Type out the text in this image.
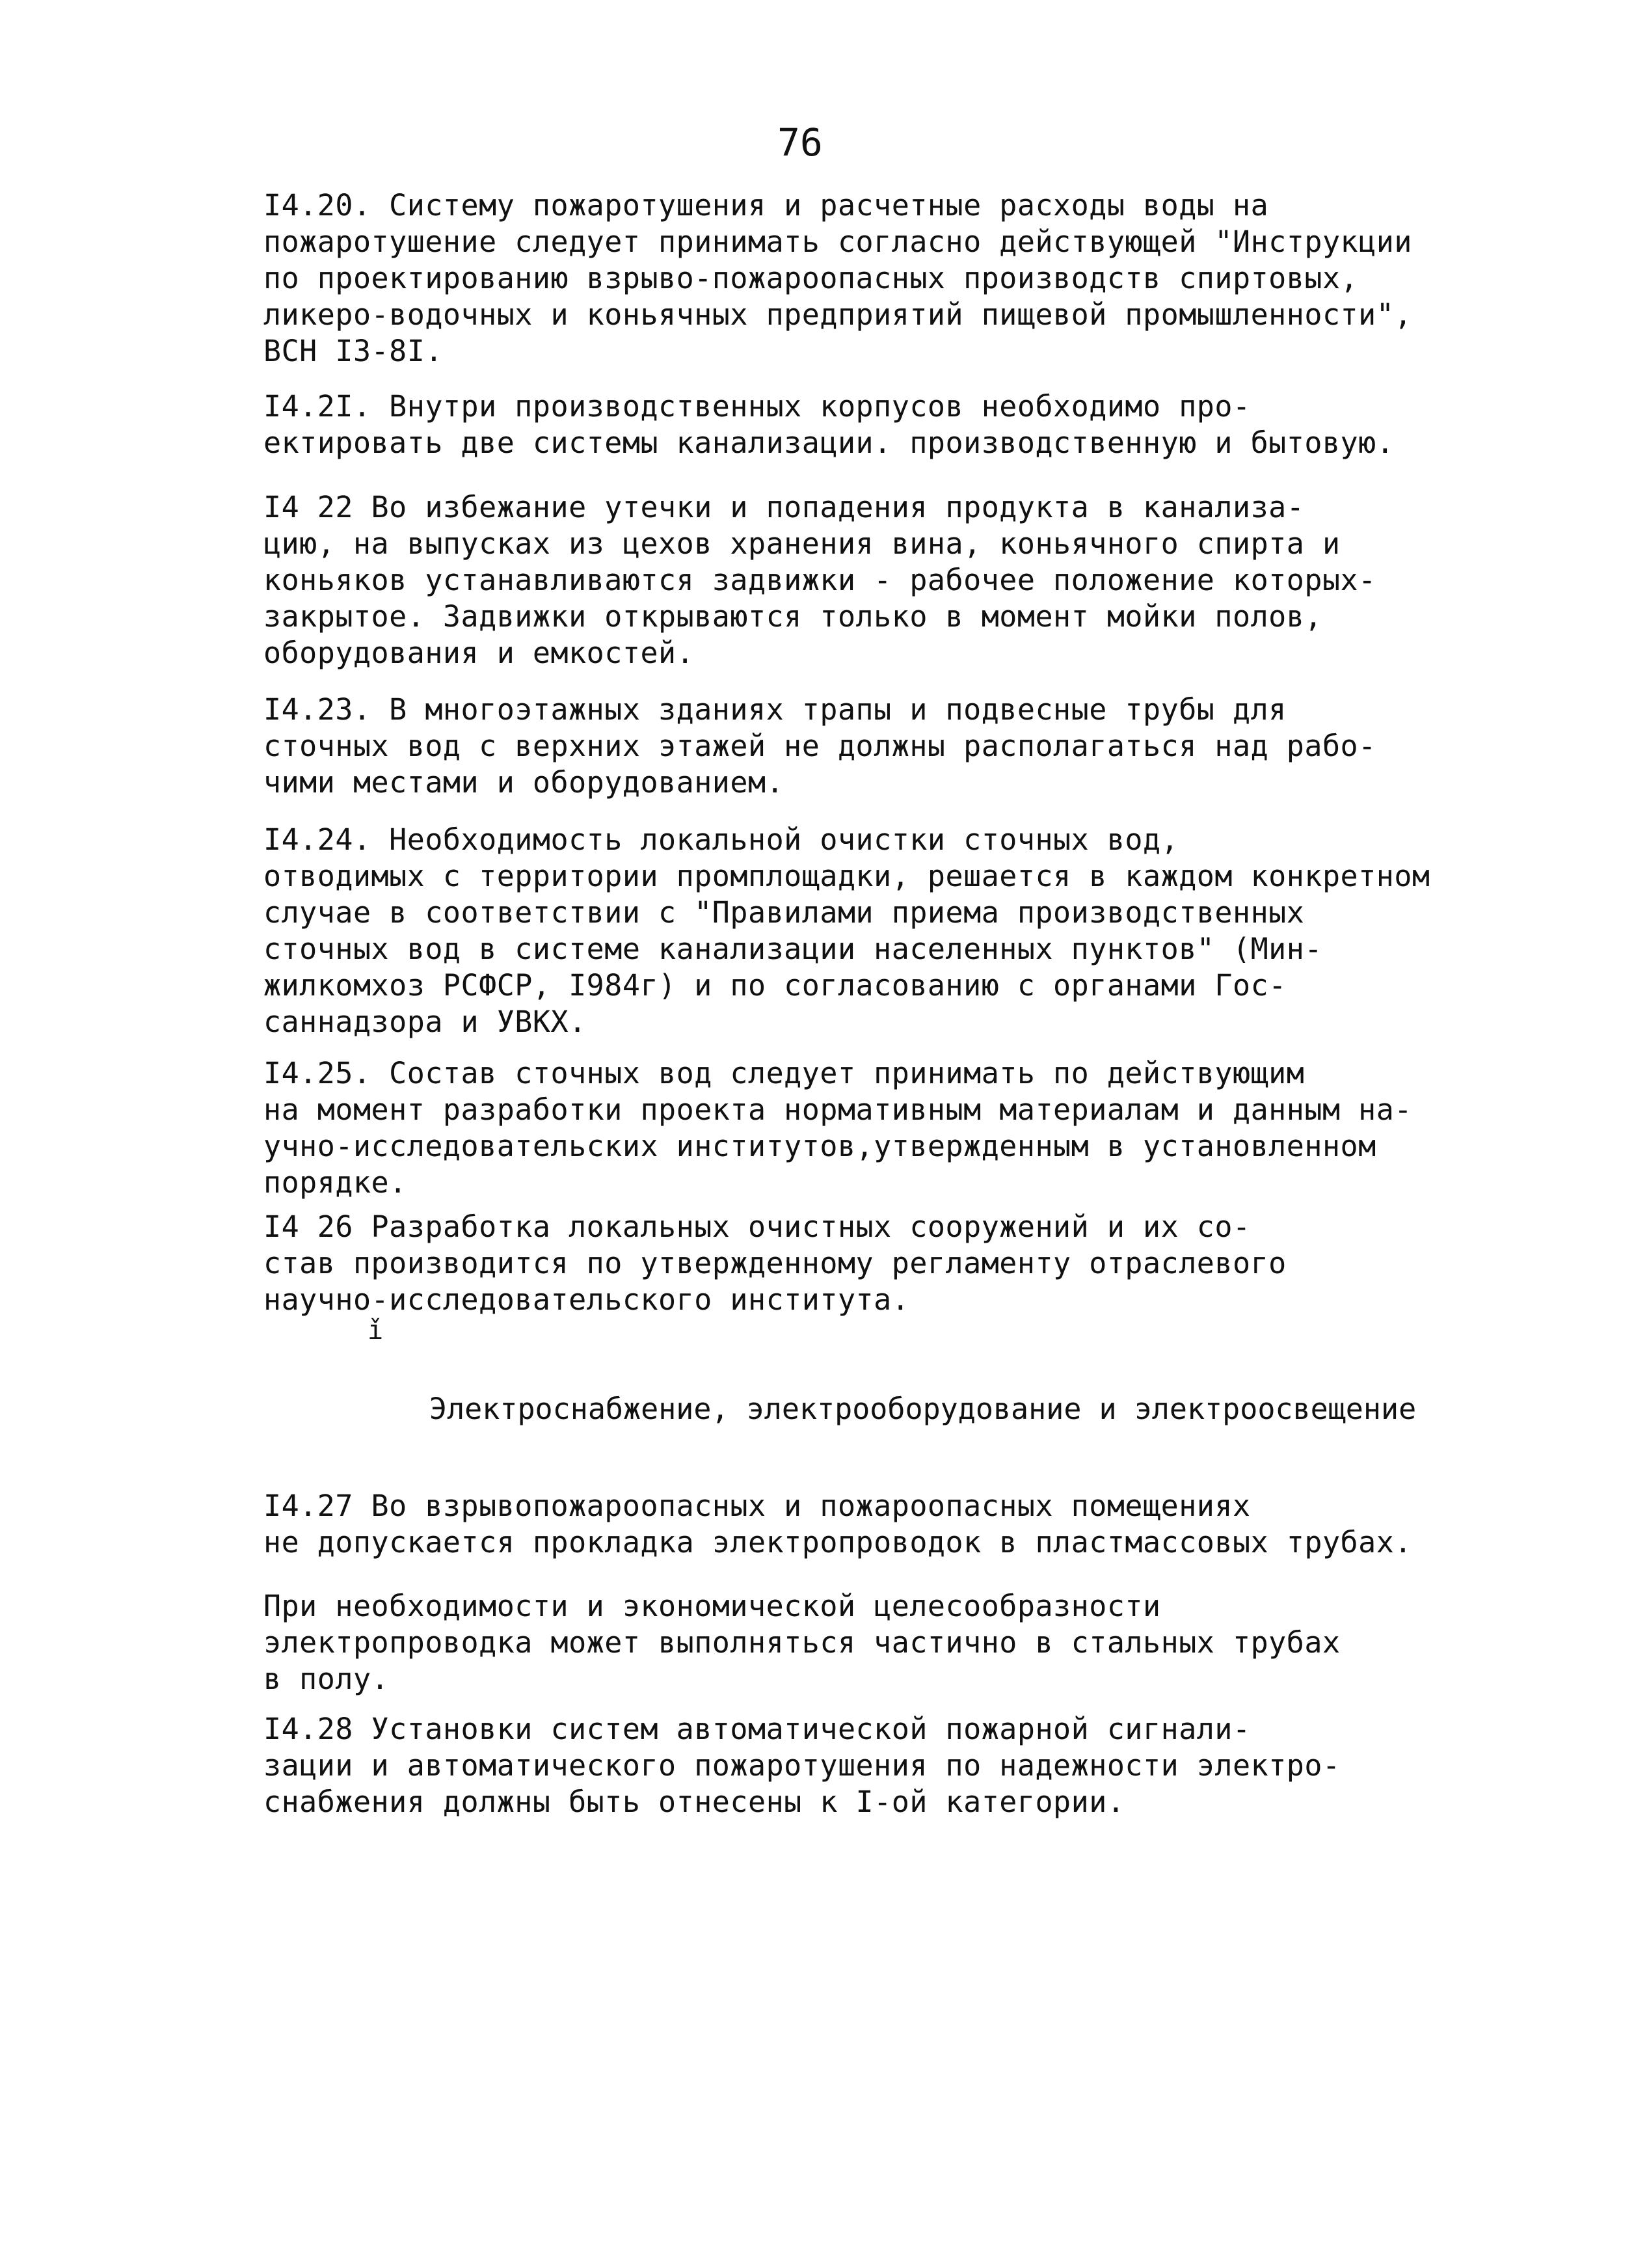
76
І4.20. Систему пожаротушения и расчетные расходы воды на
пожаротушение следует принимать согласно действующей "Инструкции
по проектированию взрыво-пожароопасных производств спиртовых,
ликеро-водочных и коньячных предприятий пищевой промышленности",
ВСН І3-8І.
І4.2І. Внутри производственных корпусов необходимо про-
ектировать две системы канализации. производственную и бытовую.
І4 22 Во избежание утечки и попадения продукта в канализа-
цию, на выпусках из цехов хранения вина, коньячного спирта и
коньяков устанавливаются задвижки - рабочее положение которых-
закрытое. Задвижки открываются только в момент мойки полов,
оборудования и емкостей.
І4.23. В многоэтажных зданиях трапы и подвесные трубы для
сточных вод с верхних этажей не должны располагаться над рабо-
чими местами и оборудованием.
І4.24. Необходимость локальной очистки сточных вод,
отводимых с территории промплощадки, решается в каждом конкретном
случае в соответствии с "Правилами приема производственных
сточных вод в системе канализации населенных пунктов" (Мин-
жилкомхоз РСФСР, І984г) и по согласованию с органами Гос-
саннадзора и УВКХ.
І4.25. Состав сточных вод следует принимать по действующим
на момент разработки проекта нормативным материалам и данным на-
учно-исследовательских институтов,утвержденным в установленном
порядке.
І4 26 Разработка локальных очистных сооружений и их со-
став производится по утвержденному регламенту отраслевого
научно-исследовательского института.
ǐ
Электроснабжение, электрооборудование и электроосвещение
І4.27 Во взрывопожароопасных и пожароопасных помещениях
не допускается прокладка электропроводок в пластмассовых трубах.
При необходимости и экономической целесообразности
электропроводка может выполняться частично в стальных трубах
в полу.
І4.28 Установки систем автоматической пожарной сигнали-
зации и автоматического пожаротушения по надежности электро-
снабжения должны быть отнесены к І-ой категории.
